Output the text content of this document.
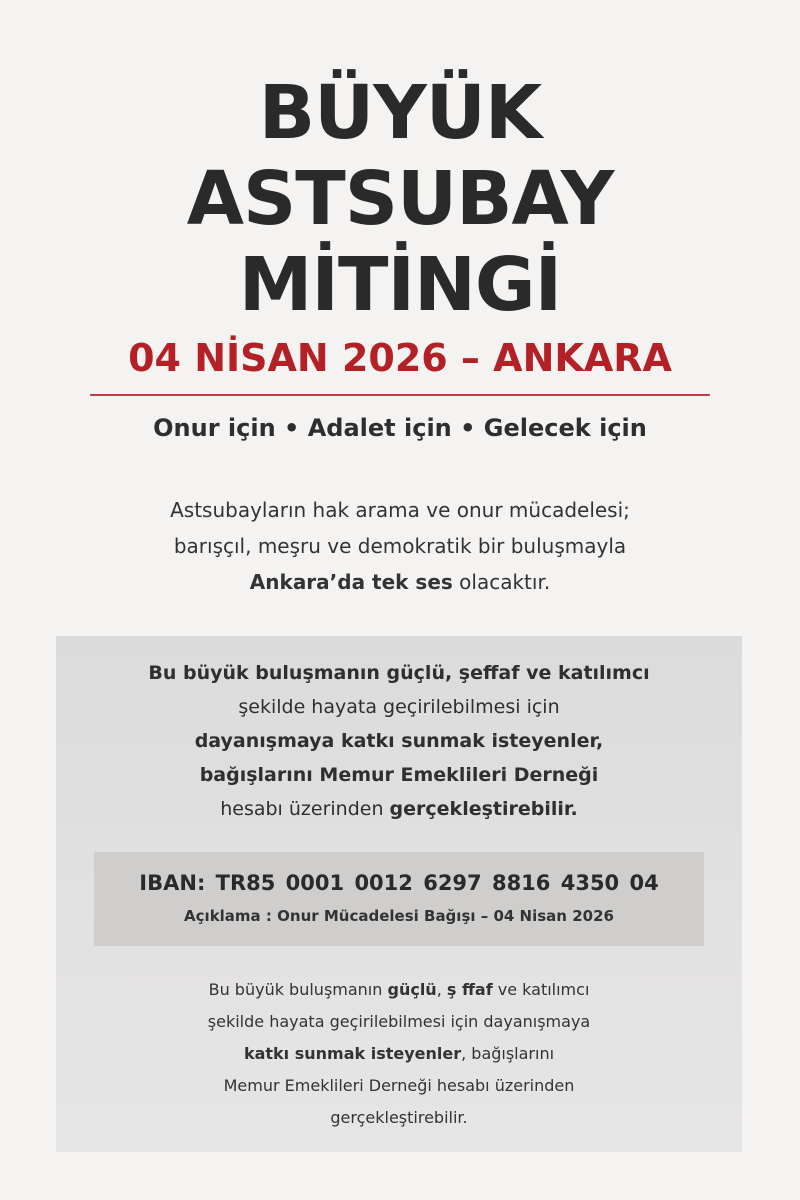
BÜYÜK
ASTSUBAY
MİTİNGİ
04 NİSAN 2026 – ANKARA
Onur için • Adalet için • Gelecek için
Astsubayların hak arama ve onur mücadelesi;
barışçıl, meşru ve demokratik bir buluşmayla
Ankara’da tek ses olacaktır.
Bu büyük buluşmanın güçlü, şeffaf ve katılımcı
şekilde hayata geçirilebilmesi için
dayanışmaya katkı sunmak isteyenler,
bağışlarını Memur Emeklileri Derneği
hesabı üzerinden gerçekleştirebilir.
IBAN: TR85 0001 0012 6297 8816 4350 04
Açıklama : Onur Mücadelesi Bağışı – 04 Nisan 2026
Bu büyük buluşmanın güçlü, ş ffaf ve katılımcı
şekilde hayata geçirilebilmesi için dayanışmaya
katkı sunmak isteyenler, bağışlarını
Memur Emeklileri Derneği hesabı üzerinden
gerçekleştirebilir.
